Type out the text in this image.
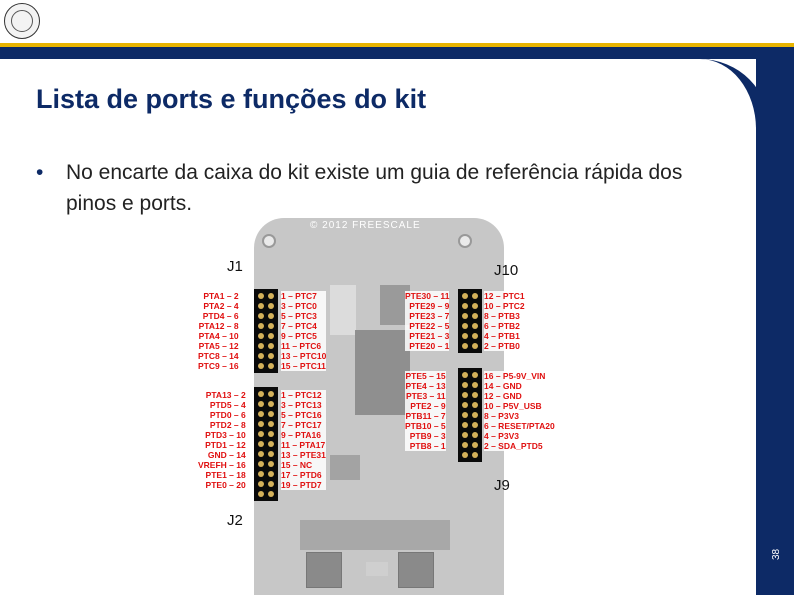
38
Lista de ports e funções do kit
• No encarte da caixa do kit existe um guia de referência rápida dos pinos e ports.
© 2012 FREESCALE
J1	J10
J9
J2
PTA1 – 2
PTA2 – 4
PTD4 – 6
PTA12 – 8
PTA4 – 10
PTA5 – 12
PTC8 – 14
PTC9 – 16
1 – PTC7
3 – PTC0
5 – PTC3
7 – PTC4
9 – PTC5
11 – PTC6
13 – PTC10
15 – PTC11
PTA13 – 2
PTD5 – 4
PTD0 – 6
PTD2 – 8
PTD3 – 10
PTD1 – 12
GND – 14
VREFH – 16
PTE1 – 18
PTE0 – 20
1 – PTC12
3 – PTC13
5 – PTC16
7 – PTC17
9 – PTA16
11 – PTA17
13 – PTE31
15 – NC
17 – PTD6
19 – PTD7
PTE30 – 11
PTE29 – 9
PTE23 – 7
PTE22 – 5
PTE21 – 3
PTE20 – 1
12 – PTC1
10 – PTC2
8 – PTB3
6 – PTB2
4 – PTB1
2 – PTB0
PTE5 – 15
PTE4 – 13
PTE3 – 11
PTE2 – 9
PTB11 – 7
PTB10 – 5
PTB9 – 3
PTB8 – 1
16 – P5-9V_VIN
14 – GND
12 – GND
10 – P5V_USB
8 – P3V3
6 – RESET/PTA20
4 – P3V3
2 – SDA_PTD5
